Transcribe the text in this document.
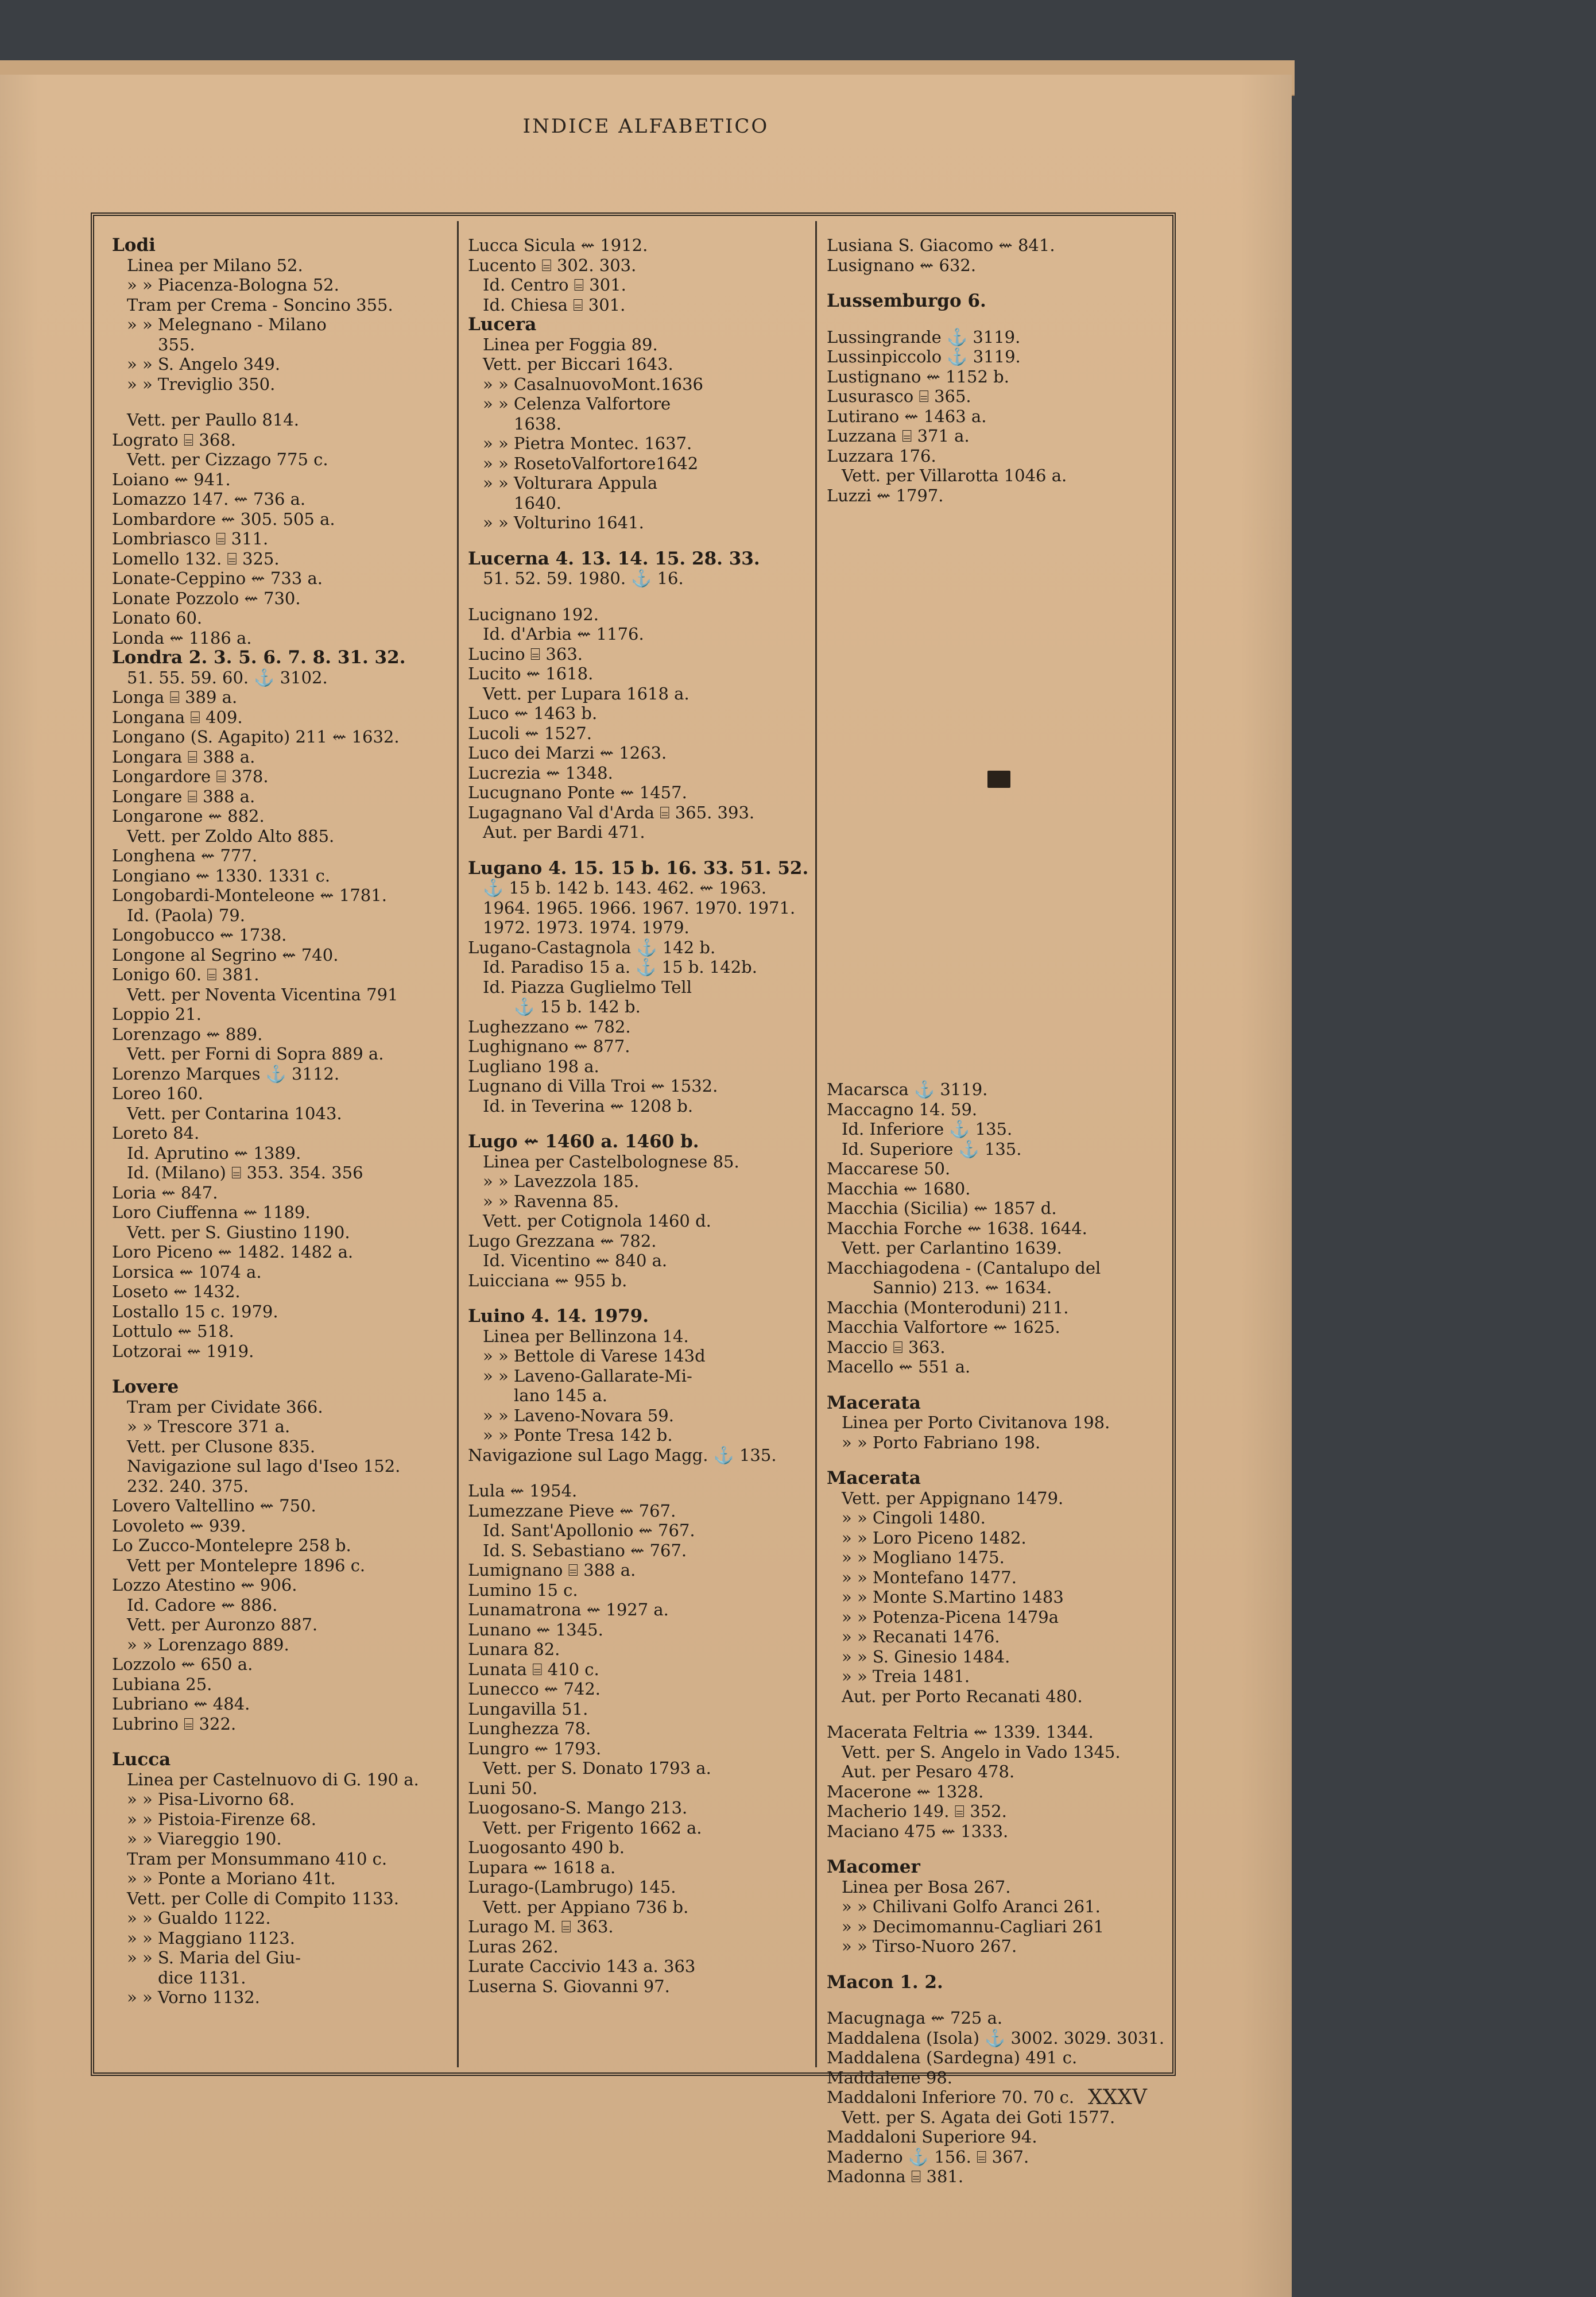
INDICE ALFABETICO
Lodi
Linea per Milano 52.
» » Piacenza-Bologna 52.
Tram per Crema - Soncino 355.
» » Melegnano - Milano
355.
» » S. Angelo 349.
» » Treviglio 350.
Vett. per Paullo 814.
Lograto ⌸ 368.
Vett. per Cizzago 775 c.
Loiano ⇜ 941.
Lomazzo 147. ⇜ 736 a.
Lombardore ⇜ 305. 505 a.
Lombriasco ⌸ 311.
Lomello 132. ⌸ 325.
Lonate-Ceppino ⇜ 733 a.
Lonate Pozzolo ⇜ 730.
Lonato 60.
Londa ⇜ 1186 a.
Londra 2. 3. 5. 6. 7. 8. 31. 32.
51. 55. 59. 60. ⚓ 3102.
Longa ⌸ 389 a.
Longana ⌸ 409.
Longano (S. Agapito) 211 ⇜ 1632.
Longara ⌸ 388 a.
Longardore ⌸ 378.
Longare ⌸ 388 a.
Longarone ⇜ 882.
Vett. per Zoldo Alto 885.
Longhena ⇜ 777.
Longiano ⇜ 1330. 1331 c.
Longobardi-Monteleone ⇜ 1781.
Id. (Paola) 79.
Longobucco ⇜ 1738.
Longone al Segrino ⇜ 740.
Lonigo 60. ⌸ 381.
Vett. per Noventa Vicentina 791
Loppio 21.
Lorenzago ⇜ 889.
Vett. per Forni di Sopra 889 a.
Lorenzo Marques ⚓ 3112.
Loreo 160.
Vett. per Contarina 1043.
Loreto 84.
Id. Aprutino ⇜ 1389.
Id. (Milano) ⌸ 353. 354. 356
Loria ⇜ 847.
Loro Ciuffenna ⇜ 1189.
Vett. per S. Giustino 1190.
Loro Piceno ⇜ 1482. 1482 a.
Lorsica ⇜ 1074 a.
Loseto ⇜ 1432.
Lostallo 15 c. 1979.
Lottulo ⇜ 518.
Lotzorai ⇜ 1919.
Lovere
Tram per Cividate 366.
» » Trescore 371 a.
Vett. per Clusone 835.
Navigazione sul lago d'Iseo 152.
232. 240. 375.
Lovero Valtellino ⇜ 750.
Lovoleto ⇜ 939.
Lo Zucco-Montelepre 258 b.
Vett per Montelepre 1896 c.
Lozzo Atestino ⇜ 906.
Id. Cadore ⇜ 886.
Vett. per Auronzo 887.
» » Lorenzago 889.
Lozzolo ⇜ 650 a.
Lubiana 25.
Lubriano ⇜ 484.
Lubrino ⌸ 322.
Lucca
Linea per Castelnuovo di G. 190 a.
» » Pisa-Livorno 68.
» » Pistoia-Firenze 68.
» » Viareggio 190.
Tram per Monsummano 410 c.
» » Ponte a Moriano 41t.
Vett. per Colle di Compito 1133.
» » Gualdo 1122.
» » Maggiano 1123.
» » S. Maria del Giu-
dice 1131.
» » Vorno 1132.
Lucca Sicula ⇜ 1912.
Lucento ⌸ 302. 303.
Id. Centro ⌸ 301.
Id. Chiesa ⌸ 301.
Lucera
Linea per Foggia 89.
Vett. per Biccari 1643.
» » CasalnuovoMont.1636
» » Celenza Valfortore
1638.
» » Pietra Montec. 1637.
» » RosetoValfortore1642
» » Volturara Appula
1640.
» » Volturino 1641.
Lucerna 4. 13. 14. 15. 28. 33.
51. 52. 59. 1980. ⚓ 16.
Lucignano 192.
Id. d'Arbia ⇜ 1176.
Lucino ⌸ 363.
Lucito ⇜ 1618.
Vett. per Lupara 1618 a.
Luco ⇜ 1463 b.
Lucoli ⇜ 1527.
Luco dei Marzi ⇜ 1263.
Lucrezia ⇜ 1348.
Lucugnano Ponte ⇜ 1457.
Lugagnano Val d'Arda ⌸ 365. 393.
Aut. per Bardi 471.
Lugano 4. 15. 15 b. 16. 33. 51. 52.
⚓ 15 b. 142 b. 143. 462. ⇜ 1963.
1964. 1965. 1966. 1967. 1970. 1971.
1972. 1973. 1974. 1979.
Lugano-Castagnola ⚓ 142 b.
Id. Paradiso 15 a. ⚓ 15 b. 142b.
Id. Piazza Guglielmo Tell
⚓ 15 b. 142 b.
Lughezzano ⇜ 782.
Lughignano ⇜ 877.
Lugliano 198 a.
Lugnano di Villa Troi ⇜ 1532.
Id. in Teverina ⇜ 1208 b.
Lugo ⇜ 1460 a. 1460 b.
Linea per Castelbolognese 85.
» » Lavezzola 185.
» » Ravenna 85.
Vett. per Cotignola 1460 d.
Lugo Grezzana ⇜ 782.
Id. Vicentino ⇜ 840 a.
Luicciana ⇜ 955 b.
Luino 4. 14. 1979.
Linea per Bellinzona 14.
» » Bettole di Varese 143d
» » Laveno-Gallarate-Mi-
lano 145 a.
» » Laveno-Novara 59.
» » Ponte Tresa 142 b.
Navigazione sul Lago Magg. ⚓ 135.
Lula ⇜ 1954.
Lumezzane Pieve ⇜ 767.
Id. Sant'Apollonio ⇜ 767.
Id. S. Sebastiano ⇜ 767.
Lumignano ⌸ 388 a.
Lumino 15 c.
Lunamatrona ⇜ 1927 a.
Lunano ⇜ 1345.
Lunara 82.
Lunata ⌸ 410 c.
Lunecco ⇜ 742.
Lungavilla 51.
Lunghezza 78.
Lungro ⇜ 1793.
Vett. per S. Donato 1793 a.
Luni 50.
Luogosano-S. Mango 213.
Vett. per Frigento 1662 a.
Luogosanto 490 b.
Lupara ⇜ 1618 a.
Lurago-(Lambrugo) 145.
Vett. per Appiano 736 b.
Lurago M. ⌸ 363.
Luras 262.
Lurate Caccivio 143 a. 363
Luserna S. Giovanni 97.
Lusiana S. Giacomo ⇜ 841.
Lusignano ⇜ 632.
Lussemburgo 6.
Lussingrande ⚓ 3119.
Lussinpiccolo ⚓ 3119.
Lustignano ⇜ 1152 b.
Lusurasco ⌸ 365.
Lutirano ⇜ 1463 a.
Luzzana ⌸ 371 a.
Luzzara 176.
Vett. per Villarotta 1046 a.
Luzzi ⇜ 1797.
Macarsca ⚓ 3119.
Maccagno 14. 59.
Id. Inferiore ⚓ 135.
Id. Superiore ⚓ 135.
Maccarese 50.
Macchia ⇜ 1680.
Macchia (Sicilia) ⇜ 1857 d.
Macchia Forche ⇜ 1638. 1644.
Vett. per Carlantino 1639.
Macchiagodena - (Cantalupo del
Sannio) 213. ⇜ 1634.
Macchia (Monteroduni) 211.
Macchia Valfortore ⇜ 1625.
Maccio ⌸ 363.
Macello ⇜ 551 a.
Macerata
Linea per Porto Civitanova 198.
» » Porto Fabriano 198.
Macerata
Vett. per Appignano 1479.
» » Cingoli 1480.
» » Loro Piceno 1482.
» » Mogliano 1475.
» » Montefano 1477.
» » Monte S.Martino 1483
» » Potenza-Picena 1479a
» » Recanati 1476.
» » S. Ginesio 1484.
» » Treia 1481.
Aut. per Porto Recanati 480.
Macerata Feltria ⇜ 1339. 1344.
Vett. per S. Angelo in Vado 1345.
Aut. per Pesaro 478.
Macerone ⇜ 1328.
Macherio 149. ⌸ 352.
Maciano 475 ⇜ 1333.
Macomer
Linea per Bosa 267.
» » Chilivani Golfo Aranci 261.
» » Decimomannu-Cagliari 261
» » Tirso-Nuoro 267.
Macon 1. 2.
Macugnaga ⇜ 725 a.
Maddalena (Isola) ⚓ 3002. 3029. 3031.
Maddalena (Sardegna) 491 c.
Maddalene 98.
Maddaloni Inferiore 70. 70 c.
Vett. per S. Agata dei Goti 1577.
Maddaloni Superiore 94.
Maderno ⚓ 156. ⌸ 367.
Madonna ⌸ 381.
M
XXXV
